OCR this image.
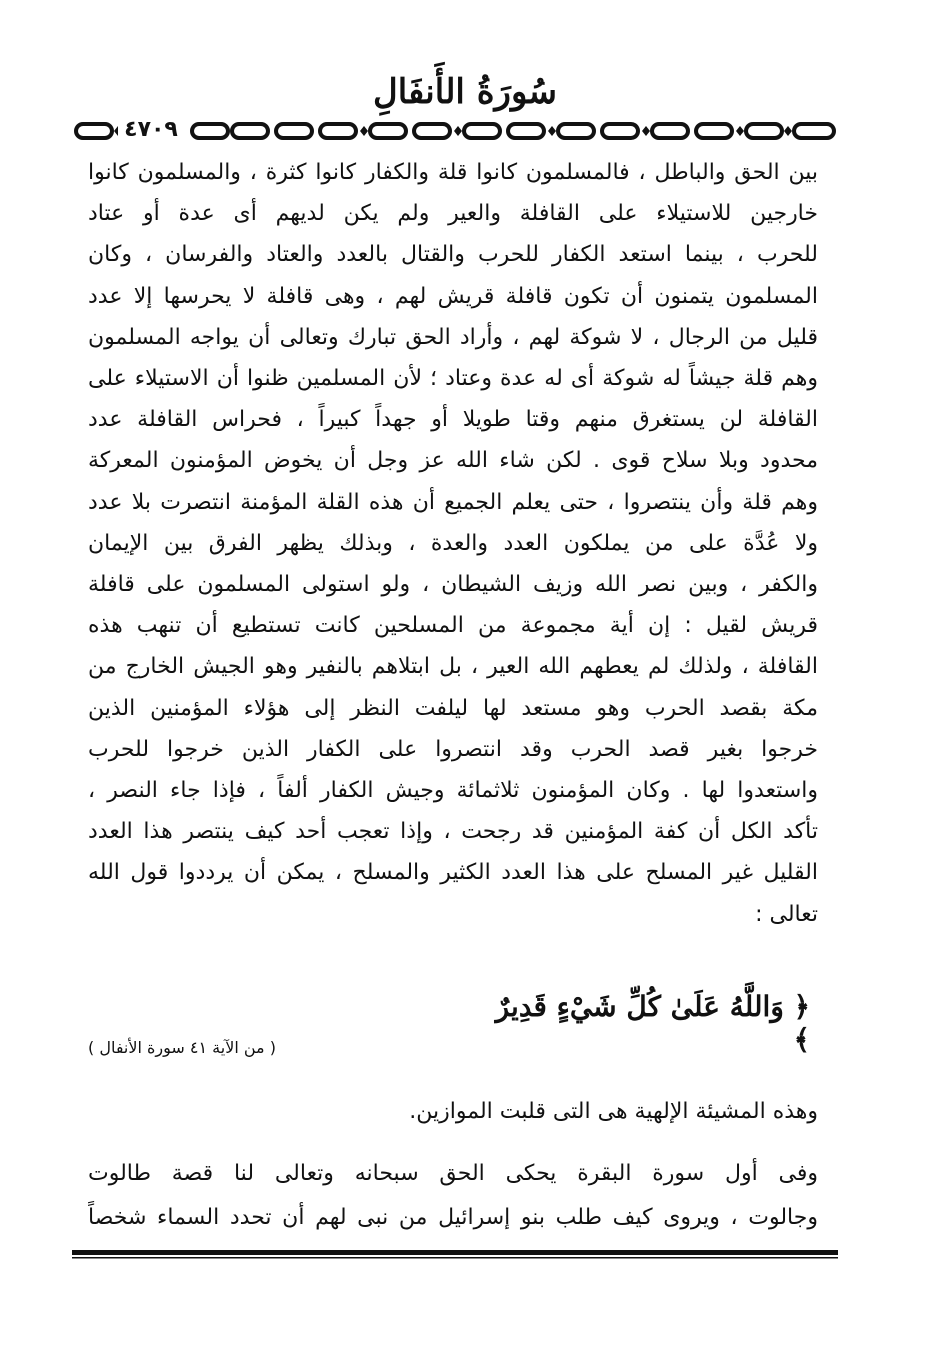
سُورَةُ الأَنفَالِ
٤٧٠٩
بين الحق والباطل ، فالمسلمون كانوا قلة والكفار كانوا كثرة ، والمسلمون كانوا
خارجين للاستيلاء على القافلة والعير ولم يكن لديهم أى عدة أو عتاد
للحرب ، بينما استعد الكفار للحرب والقتال بالعدد والعتاد والفرسان ، وكان
المسلمون يتمنون أن تكون قافلة قريش لهم ، وهى قافلة لا يحرسها إلا عدد
قليل من الرجال ، لا شوكة لهم ، وأراد الحق تبارك وتعالى أن يواجه المسلمون
وهم قلة جيشاً له شوكة أى له عدة وعتاد ؛ لأن المسلمين ظنوا أن الاستيلاء على
القافلة لن يستغرق منهم وقتا طويلا أو جهداً كبيراً ، فحراس القافلة عدد
محدود وبلا سلاح قوى . لكن شاء الله عز وجل أن يخوض المؤمنون المعركة
وهم قلة وأن ينتصروا ، حتى يعلم الجميع أن هذه القلة المؤمنة انتصرت بلا عدد
ولا عُدَّة على من يملكون العدد والعدة ، وبذلك يظهر الفرق بين الإيمان
والكفر ، وبين نصر الله وزيف الشيطان ، ولو استولى المسلمون على قافلة
قريش لقيل : إن أية مجموعة من المسلحين كانت تستطيع أن تنهب هذه
القافلة ، ولذلك لم يعطهم الله العير ، بل ابتلاهم بالنفير وهو الجيش الخارج من
مكة بقصد الحرب وهو مستعد لها ليلفت النظر إلى هؤلاء المؤمنين الذين
خرجوا بغير قصد الحرب وقد انتصروا على الكفار الذين خرجوا للحرب
واستعدوا لها . وكان المؤمنون ثلاثمائة وجيش الكفار ألفاً ، فإذا جاء النصر ،
تأكد الكل أن كفة المؤمنين قد رجحت ، وإذا تعجب أحد كيف ينتصر هذا العدد
القليل غير المسلح على هذا العدد الكثير والمسلح ، يمكن أن يرددوا قول الله
تعالى :
﴿ وَاللَّهُ عَلَىٰ كُلِّ شَيْءٍ قَدِيرٌ ﴾
( من الآية ٤١ سورة الأنفال )
وهذه المشيئة الإلهية هى التى قلبت الموازين.
وفى أول سورة البقرة يحكى الحق سبحانه وتعالى لنا قصة طالوت
وجالوت ، ويروى كيف طلب بنو إسرائيل من نبى لهم أن تحدد السماء شخصاً
